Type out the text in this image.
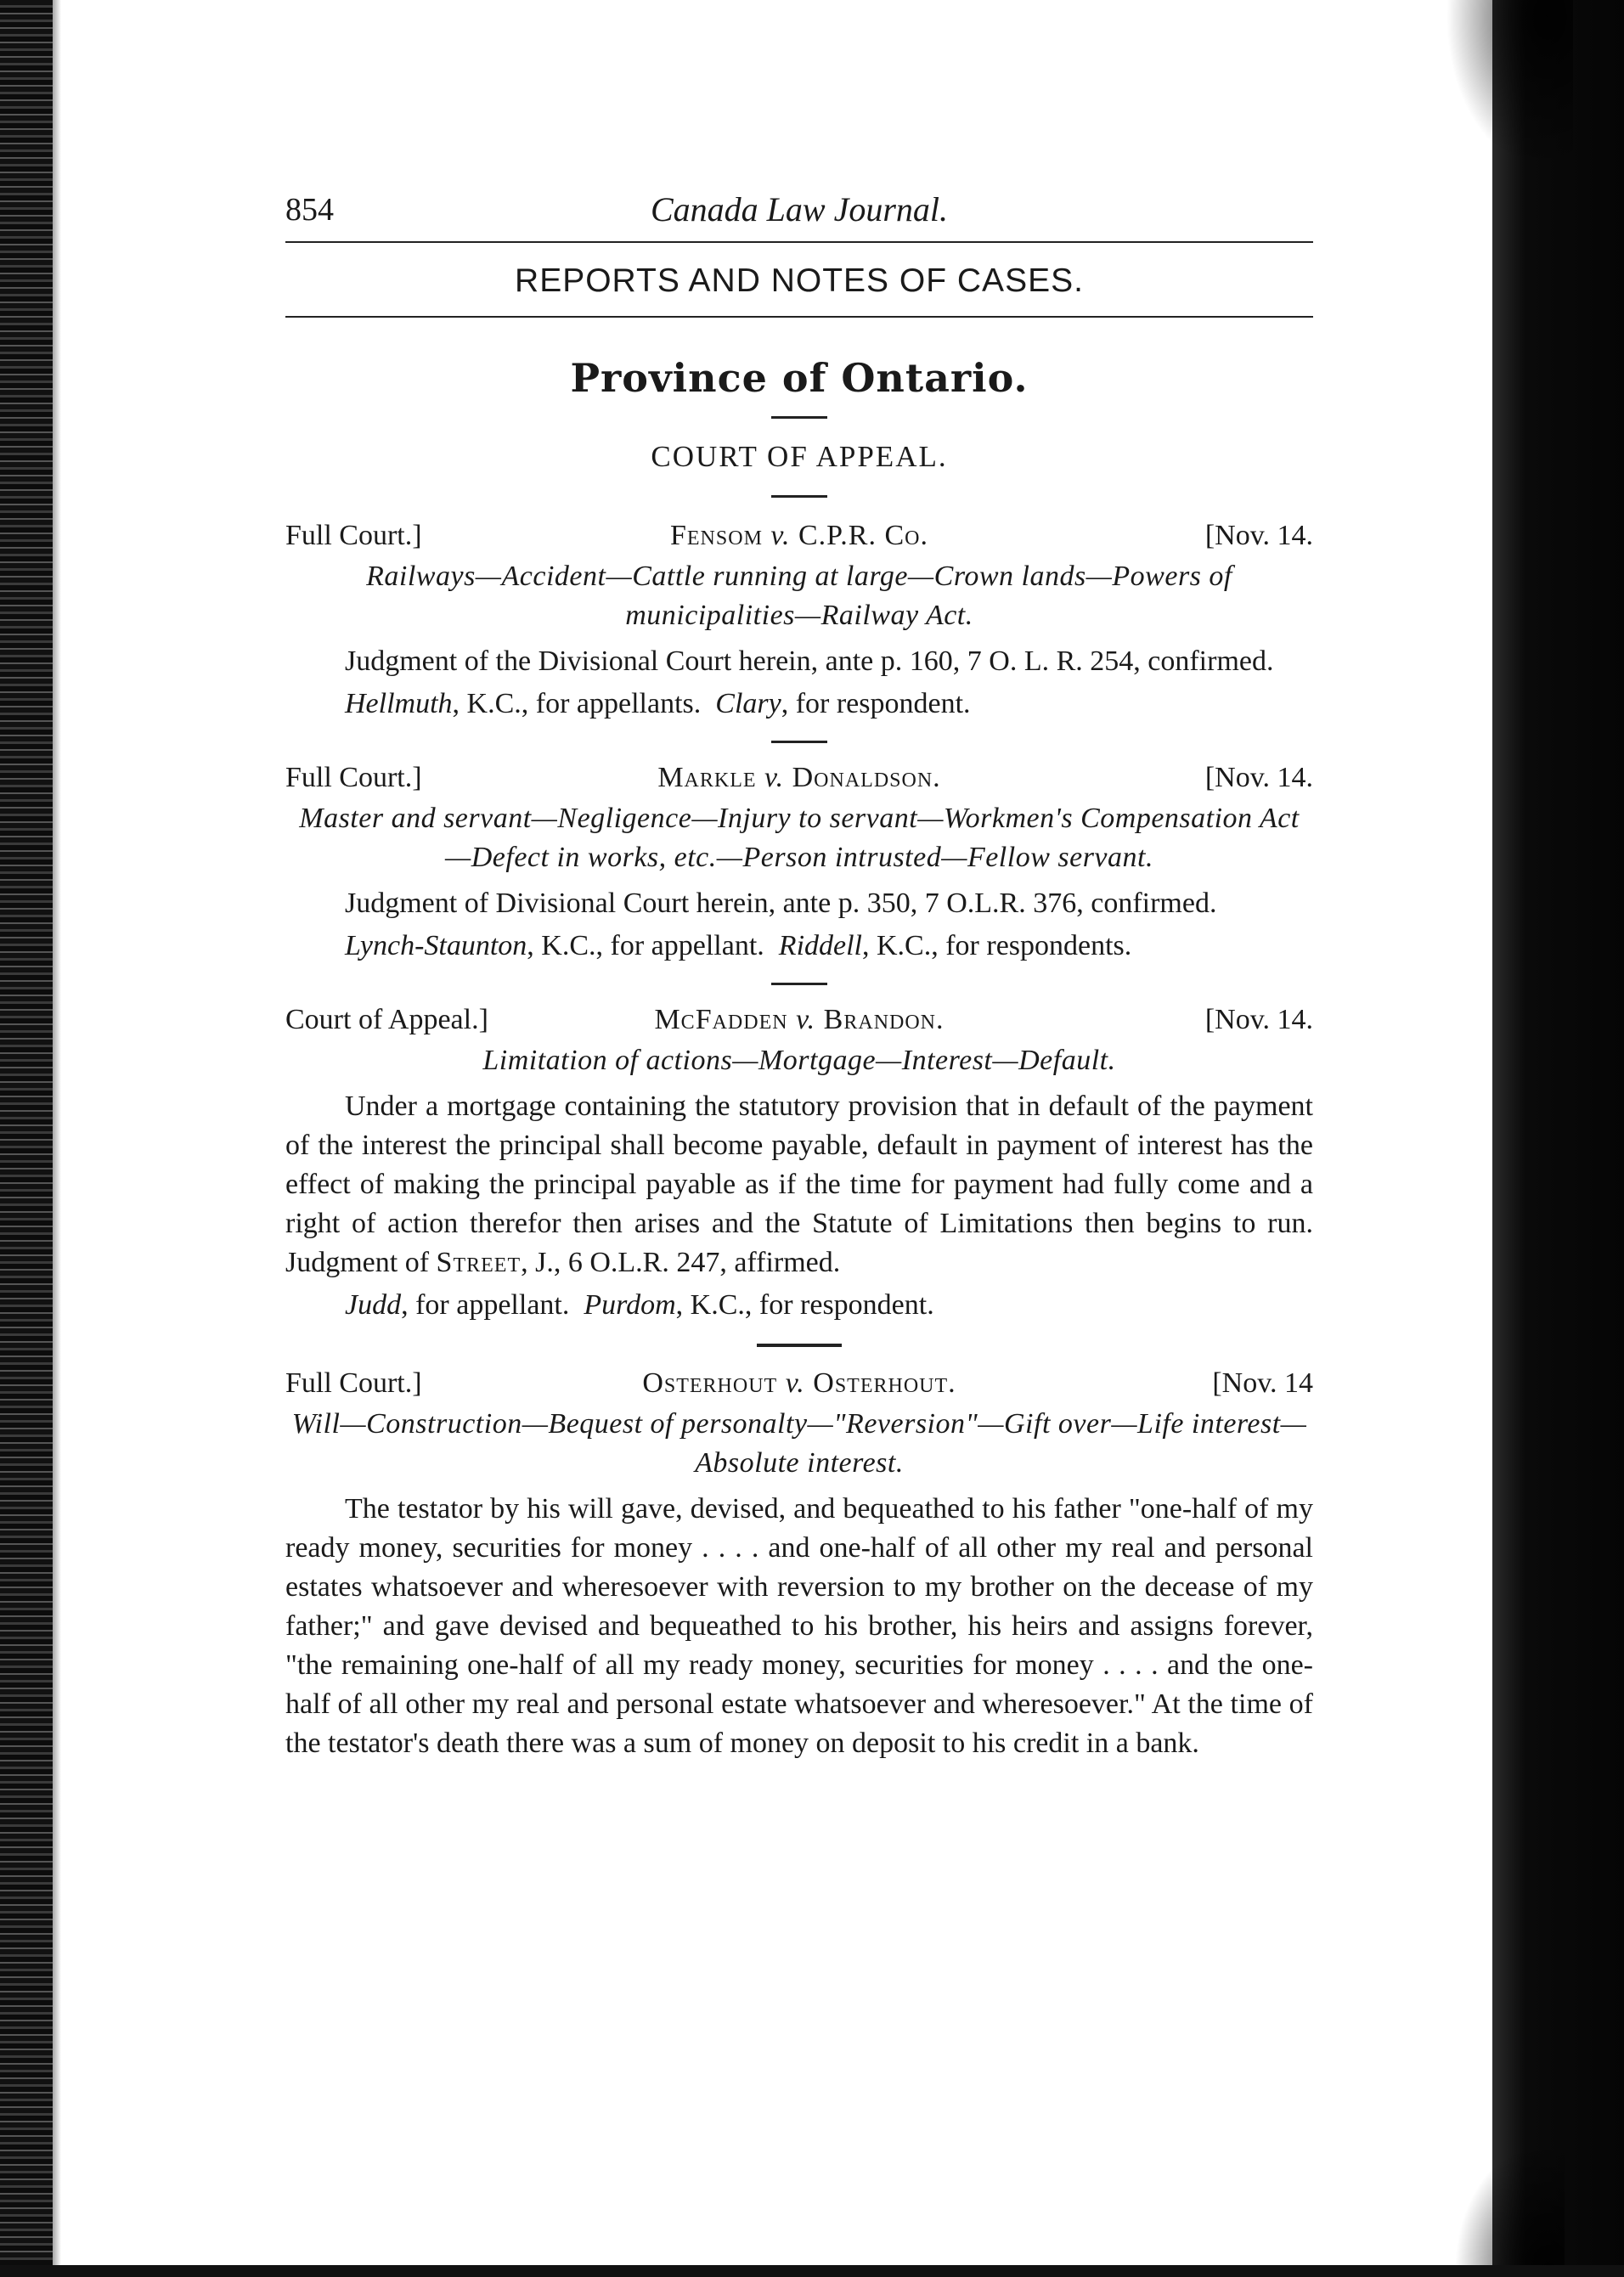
854	Canada Law Journal.
REPORTS AND NOTES OF CASES.
Province of Ontario.
COURT OF APPEAL.
Full Court.]	Fensom v. C.P.R. Co.	[Nov. 14.
Railways—Accident—Cattle running at large—Crown lands—Powers of municipalities—Railway Act.

Judgment of the Divisional Court herein, ante p. 160, 7 O. L. R. 254, confirmed.

Hellmuth, K.C., for appellants. Clary, for respondent.
Full Court.]	Markle v. Donaldson.	[Nov. 14.
Master and servant—Negligence—Injury to servant—Workmen's Compensation Act—Defect in works, etc.—Person intrusted—Fellow servant.

Judgment of Divisional Court herein, ante p. 350, 7 O.L.R. 376, confirmed.

Lynch-Staunton, K.C., for appellant. Riddell, K.C., for respondents.
Court of Appeal.]	McFadden v. Brandon.	[Nov. 14.
Limitation of actions—Mortgage—Interest—Default.

Under a mortgage containing the statutory provision that in default of the payment of the interest the principal shall become payable, default in payment of interest has the effect of making the principal payable as if the time for payment had fully come and a right of action therefor then arises and the Statute of Limitations then begins to run. Judgment of Street, J., 6 O.L.R. 247, affirmed.

Judd, for appellant. Purdom, K.C., for respondent.
Full Court.]	Osterhout v. Osterhout.	[Nov. 14
Will—Construction—Bequest of personalty—"Reversion"—Gift over—Life interest—Absolute interest.

The testator by his will gave, devised, and bequeathed to his father "one-half of my ready money, securities for money . . . . and one-half of all other my real and personal estates whatsoever and wheresoever with reversion to my brother on the decease of my father;" and gave devised and bequeathed to his brother, his heirs and assigns forever, "the remaining one-half of all my ready money, securities for money . . . . and the one-half of all other my real and personal estate whatsoever and wheresoever." At the time of the testator's death there was a sum of money on deposit to his credit in a bank.
